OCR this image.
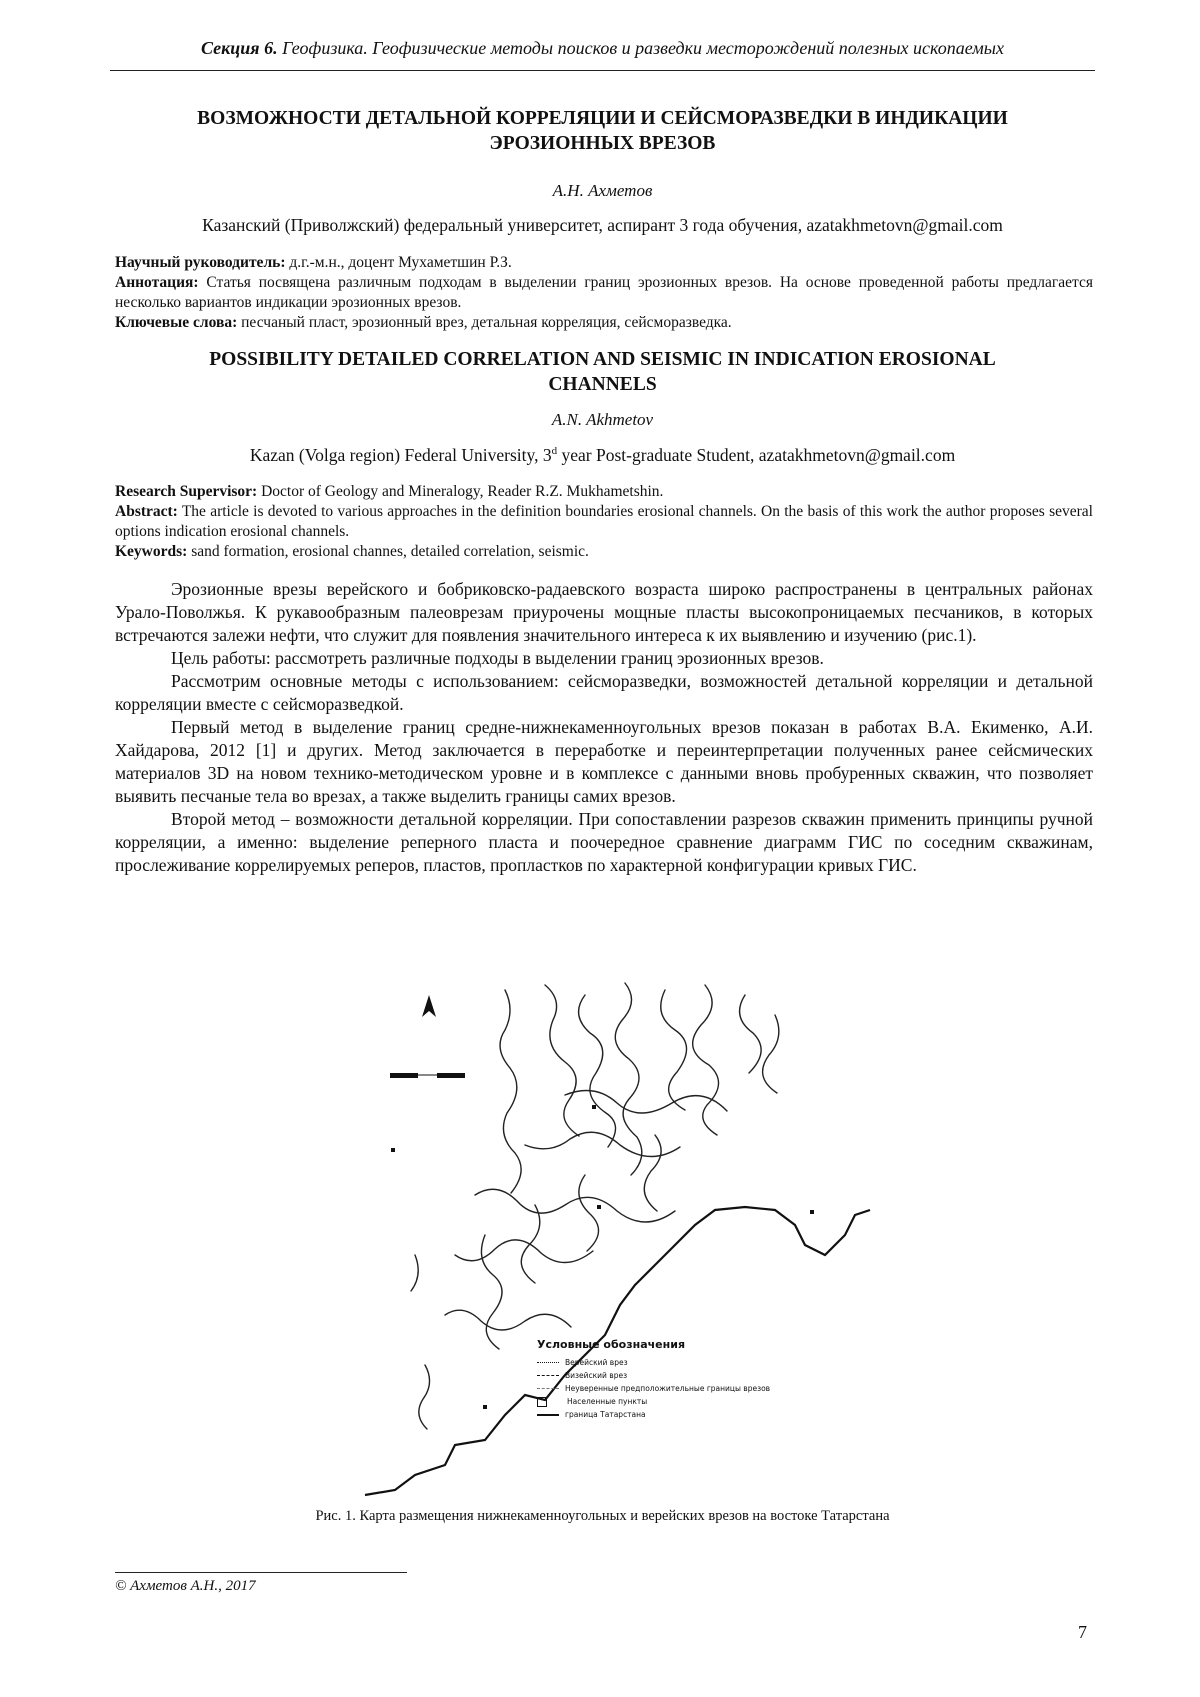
Секция 6. Геофизика. Геофизические методы поисков и разведки месторождений полезных ископаемых
ВОЗМОЖНОСТИ ДЕТАЛЬНОЙ КОРРЕЛЯЦИИ И СЕЙСМОРАЗВЕДКИ В ИНДИКАЦИИ
ЭРОЗИОННЫХ ВРЕЗОВ
А.Н. Ахметов
Казанский (Приволжский) федеральный университет, аспирант 3 года обучения, azatakhmetovn@gmail.com
Научный руководитель: д.г.-м.н., доцент Мухаметшин Р.З.
Аннотация: Статья посвящена различным подходам в выделении границ эрозионных врезов. На основе проведенной работы предлагается несколько вариантов индикации эрозионных врезов.
Ключевые слова: песчаный пласт, эрозионный врез, детальная корреляция, сейсморазведка.
POSSIBILITY DETAILED CORRELATION AND SEISMIC IN INDICATION EROSIONAL
CHANNELS
A.N. Akhmetov
Kazan (Volga region) Federal University, 3$^d$ year Post-graduate Student, azatakhmetovn@gmail.com
Research Supervisor: Doctor of Geology and Mineralogy, Reader R.Z. Mukhametshin.
Abstract: The article is devoted to various approaches in the definition boundaries erosional channels. On the basis of this work the author proposes several options indication erosional channels.
Keywords: sand formation, erosional channes, detailed correlation, seismic.

Эрозионные врезы верейского и бобриковско-радаевского возраста широко распространены в центральных районах Урало-Поволжья. К рукавообразным палеоврезам приурочены мощные пласты высокопроницаемых песчаников, в которых встречаются залежи нефти, что служит для появления значительного интереса к их выявлению и изучению (рис.1).

Цель работы: рассмотреть различные подходы в выделении границ эрозионных врезов.

Рассмотрим основные методы с использованием: сейсморазведки, возможностей детальной корреляции и детальной корреляции вместе с сейсморазведкой.

Первый метод в выделение границ средне-нижнекаменноугольных врезов показан в работах В.А. Екименко, А.И. Хайдарова, 2012 [1] и других. Метод заключается в переработке и переинтерпретации полученных ранее сейсмических материалов 3D на новом технико-методическом уровне и в комплексе с данными вновь пробуренных скважин, что позволяет выявить песчаные тела во врезах, а также выделить границы самих врезов.

Второй метод – возможности детальной корреляции. При сопоставлении разрезов скважин применить принципы ручной корреляции, а именно: выделение реперного пласта и поочередное сравнение диаграмм ГИС по соседним скважинам, прослеживание коррелируемых реперов, пластов, пропластков по характерной конфигурации кривых ГИС.

Условные обозначения
Верейский врез
Визейский врез
Неуверенные предположительные границы врезов
Населенные пункты
граница Татарстана
Рис. 1. Карта размещения нижнекаменноугольных и верейских врезов на востоке Татарстана
© Ахметов А.Н., 2017
7
